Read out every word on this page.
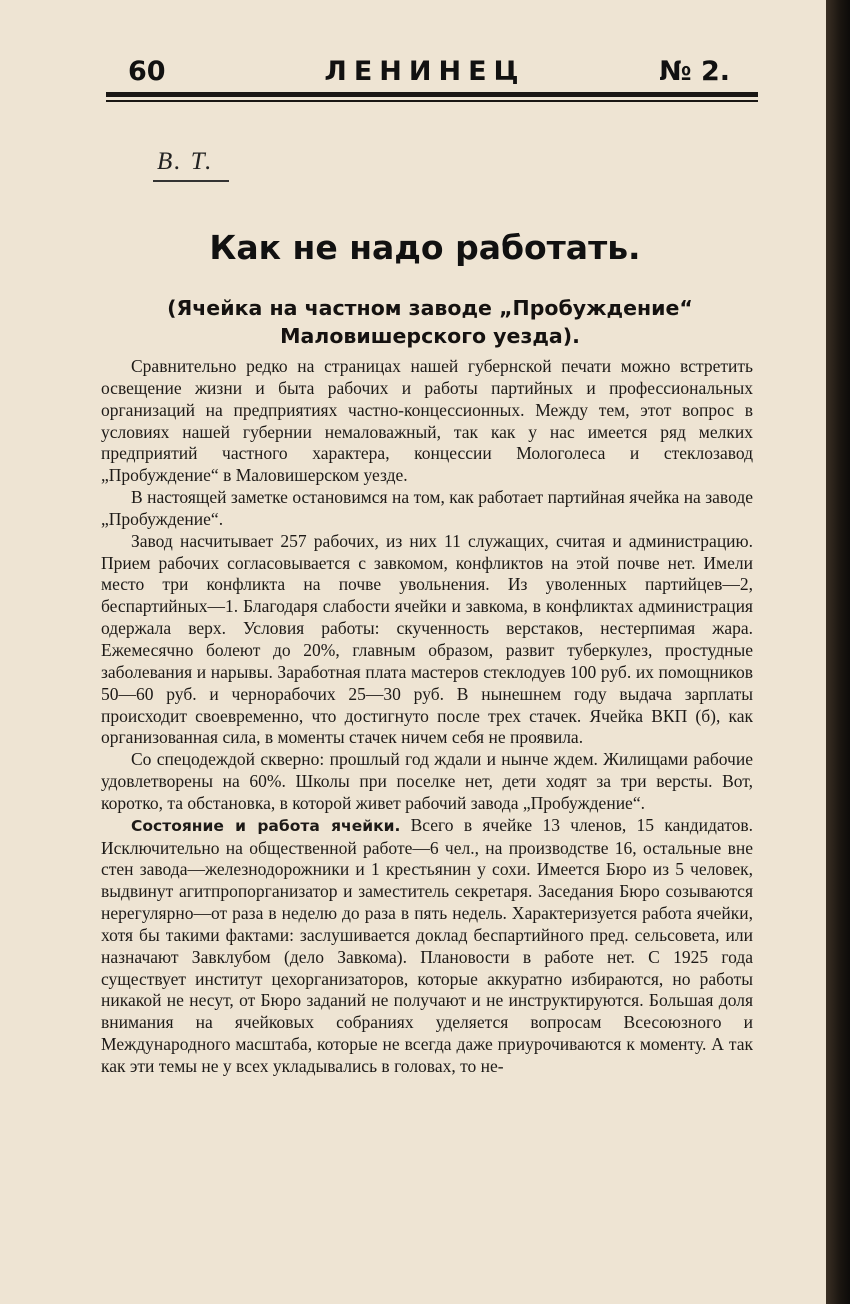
60	ЛЕНИНЕЦ	№ 2.

В. Т.

Как не надо работать.
(Ячейка на частном заводе „Пробуждение“ Маловишерского уезда).

Сравнительно редко на страницах нашей губернской печати можно встретить освещение жизни и быта рабочих и работы партийных и профессиональных организаций на предприятиях частно-концессионных. Между тем, этот вопрос в условиях нашей губернии немаловажный, так как у нас имеется ряд мелких предприятий частного характера, концессии Мологолеса и стеклозавод „Пробуждение“ в Маловишерском уезде.

В настоящей заметке остановимся на том, как работает партийная ячейка на заводе „Пробуждение“.

Завод насчитывает 257 рабочих, из них 11 служащих, считая и администрацию. Прием рабочих согласовывается с завкомом, конфликтов на этой почве нет. Имели место три конфликта на почве увольнения. Из уволенных партийцев—2, беспартийных—1. Благодаря слабости ячейки и завкома, в конфликтах администрация одержала верх. Условия работы: скученность верстаков, нестерпимая жара. Ежемесячно болеют до 20%, главным образом, развит туберкулез, простудные заболевания и нарывы. Заработная плата мастеров стеклодуев 100 руб. их помощников 50—60 руб. и чернорабочих 25—30 руб. В нынешнем году выдача зарплаты происходит своевременно, что достигнуто после трех стачек. Ячейка ВКП (б), как организованная сила, в моменты стачек ничем себя не проявила.

Со спецодеждой скверно: прошлый год ждали и нынче ждем. Жилищами рабочие удовлетворены на 60%. Школы при поселке нет, дети ходят за три версты. Вот, коротко, та обстановка, в которой живет рабочий завода „Пробуждение“.

Состояние и работа ячейки. Всего в ячейке 13 членов, 15 кандидатов. Исключительно на общественной работе—6 чел., на производстве 16, остальные вне стен завода—железнодорожники и 1 крестьянин у сохи. Имеется Бюро из 5 человек, выдвинут агитпропорганизатор и заместитель секретаря. Заседания Бюро созываются нерегулярно—от раза в неделю до раза в пять недель. Характеризуется работа ячейки, хотя бы такими фактами: заслушивается доклад беспартийного пред. сельсовета, или назначают Завклубом (дело Завкома). Плановости в работе нет. С 1925 года существует институт цехорганизаторов, которые аккуратно избираются, но работы никакой не несут, от Бюро заданий не получают и не инструктируются. Большая доля внимания на ячейковых собраниях уделяется вопросам Всесоюзного и Международного масштаба, которые не всегда даже приурочиваются к моменту. А так как эти темы не у всех укладывались в головах, то не-
